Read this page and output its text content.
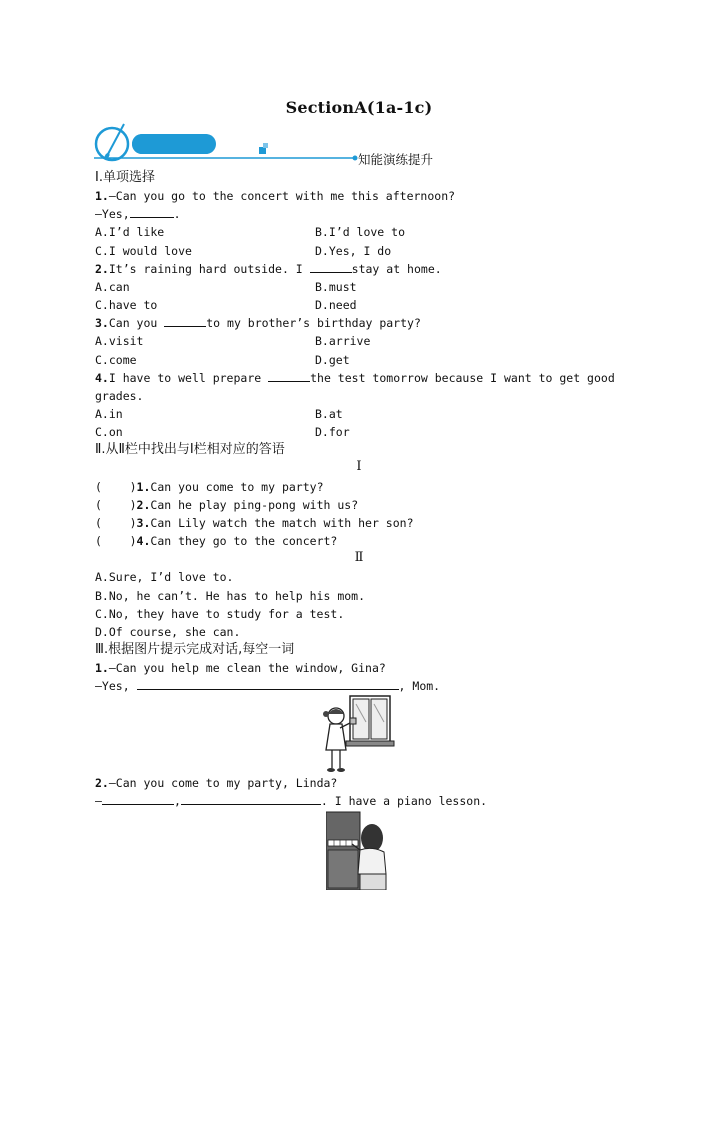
SectionA(1a-1c)
知能演练提升
Ⅰ.单项选择
1.—Can you go to the concert with me this afternoon?
—Yes,	.
A.I’d like	B.I’d love to
C.I would love	D.Yes, I do
2.It’s raining hard outside. I	stay at home.
A.can	B.must
C.have to	D.need
3.Can you	to my brother’s birthday party?
A.visit	B.arrive
C.come	D.get
4.I have to well prepare	the test tomorrow because I want to get good
grades.
A.in	B.at
C.on	D.for
Ⅱ.从Ⅱ栏中找出与Ⅰ栏相对应的答语
Ⅰ
(    )1.Can you come to my party?
(    )2.Can he play ping-pong with us?
(    )3.Can Lily watch the match with her son?
(    )4.Can they go to the concert?
Ⅱ
A.Sure, I’d love to.
B.No, he can’t. He has to help his mom.
C.No, they have to study for a test.
D.Of course, she can.
Ⅲ.根据图片提示完成对话,每空一词
1.—Can you help me clean the window, Gina?
—Yes,	, Mom.
2.—Can you come to my party, Linda?
—	,	. I have a piano lesson.
